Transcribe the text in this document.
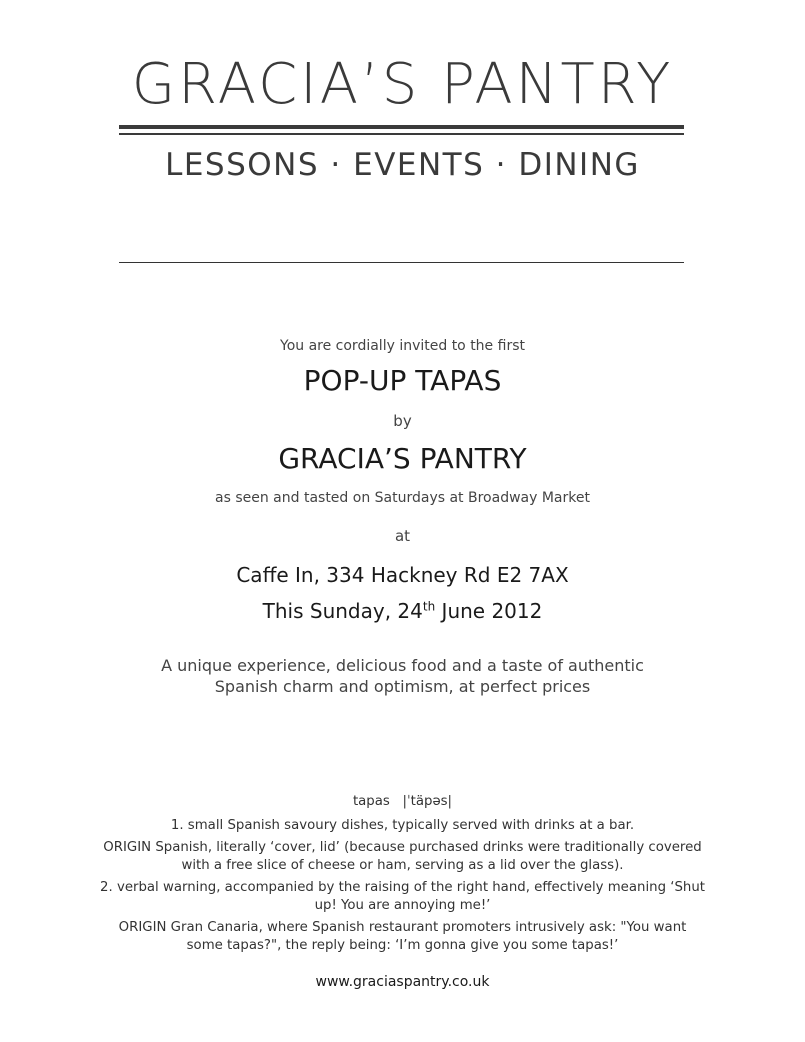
GRACIA’S PANTRY
LESSONS · EVENTS · DINING
You are cordially invited to the first
POP-UP TAPAS
by
GRACIA’S PANTRY
as seen and tasted on Saturdays at Broadway Market
at
Caffe In, 334 Hackney Rd E2 7AX
This Sunday, 24th June 2012
A unique experience, delicious food and a taste of authentic
Spanish charm and optimism, at perfect prices
tapas |ˈtäpəs|

1. small Spanish savoury dishes, typically served with drinks at a bar.

ORIGIN Spanish, literally ‘cover, lid’ (because purchased drinks were traditionally covered with a free slice of cheese or ham, serving as a lid over the glass).

2. verbal warning, accompanied by the raising of the right hand, effectively meaning ‘Shut up! You are annoying me!’

ORIGIN Gran Canaria, where Spanish restaurant promoters intrusively ask: "You want some tapas?", the reply being: ‘I’m gonna give you some tapas!’

www.graciaspantry.co.uk
